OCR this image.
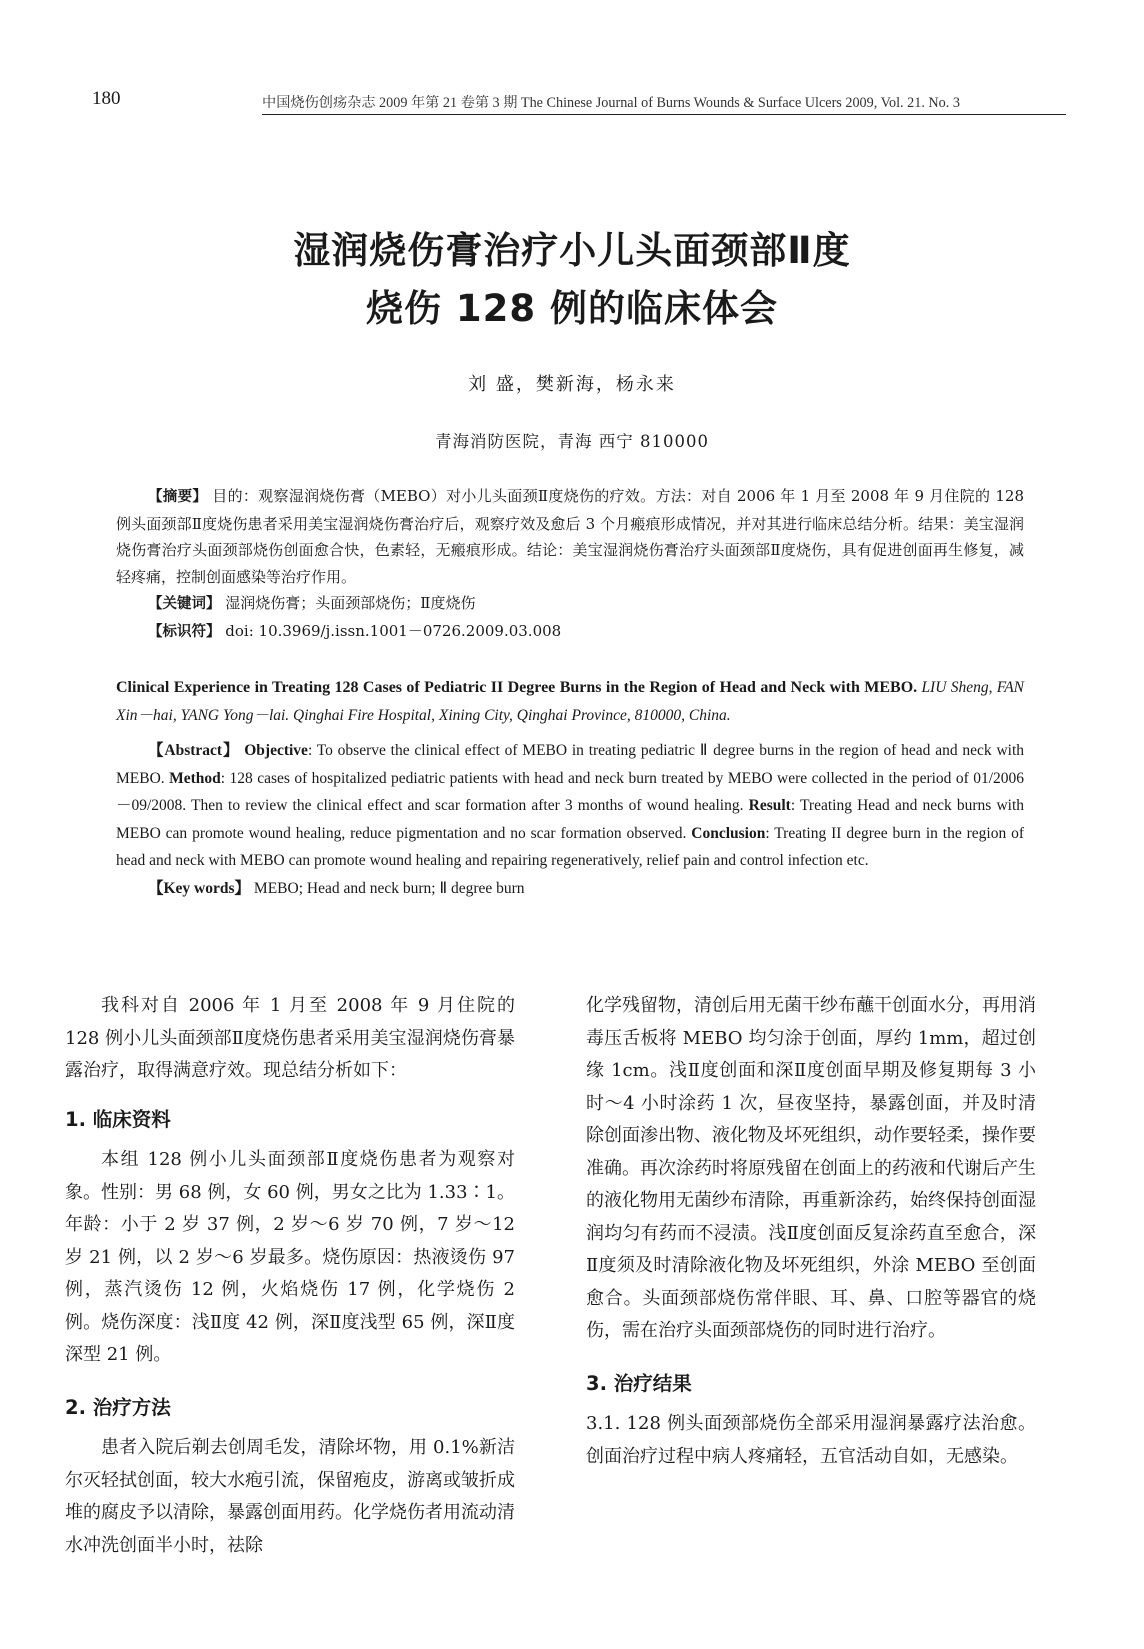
180	中国烧伤创疡杂志 2009 年第 21 卷第 3 期 The Chinese Journal of Burns Wounds & Surface Ulcers 2009, Vol. 21. No. 3
湿润烧伤膏治疗小儿头面颈部Ⅱ度
烧伤 128 例的临床体会
刘 盛，樊新海，杨永来
青海消防医院，青海 西宁 810000

【摘要】 目的：观察湿润烧伤膏（MEBO）对小儿头面颈Ⅱ度烧伤的疗效。方法：对自 2006 年 1 月至 2008 年 9 月住院的 128 例头面颈部Ⅱ度烧伤患者采用美宝湿润烧伤膏治疗后，观察疗效及愈后 3 个月瘢痕形成情况，并对其进行临床总结分析。结果：美宝湿润烧伤膏治疗头面颈部烧伤创面愈合快，色素轻，无瘢痕形成。结论：美宝湿润烧伤膏治疗头面颈部Ⅱ度烧伤，具有促进创面再生修复，减轻疼痛，控制创面感染等治疗作用。

【关键词】 湿润烧伤膏；头面颈部烧伤；Ⅱ度烧伤

【标识符】 doi: 10.3969/j.issn.1001－0726.2009.03.008

Clinical Experience in Treating 128 Cases of Pediatric II Degree Burns in the Region of Head and Neck with MEBO. LIU Sheng, FAN Xin－hai, YANG Yong－lai. Qinghai Fire Hospital, Xining City, Qinghai Province, 810000, China.

【Abstract】 Objective: To observe the clinical effect of MEBO in treating pediatric Ⅱ degree burns in the region of head and neck with MEBO. Method: 128 cases of hospitalized pediatric patients with head and neck burn treated by MEBO were collected in the period of 01/2006－09/2008. Then to review the clinical effect and scar formation after 3 months of wound healing. Result: Treating Head and neck burns with MEBO can promote wound healing, reduce pigmentation and no scar formation observed. Conclusion: Treating II degree burn in the region of head and neck with MEBO can promote wound healing and repairing regeneratively, relief pain and control infection etc.

【Key words】 MEBO; Head and neck burn; Ⅱ degree burn

我科对自 2006 年 1 月至 2008 年 9 月住院的 128 例小儿头面颈部Ⅱ度烧伤患者采用美宝湿润烧伤膏暴露治疗，取得满意疗效。现总结分析如下：

1. 临床资料

本组 128 例小儿头面颈部Ⅱ度烧伤患者为观察对象。性别：男 68 例，女 60 例，男女之比为 1.33∶1。年龄：小于 2 岁 37 例，2 岁～6 岁 70 例，7 岁～12 岁 21 例，以 2 岁～6 岁最多。烧伤原因：热液烫伤 97 例，蒸汽烫伤 12 例，火焰烧伤 17 例，化学烧伤 2 例。烧伤深度：浅Ⅱ度 42 例，深Ⅱ度浅型 65 例，深Ⅱ度深型 21 例。

2. 治疗方法

患者入院后剃去创周毛发，清除坏物，用 0.1%新洁尔灭轻拭创面，较大水疱引流，保留疱皮，游离或皱折成堆的腐皮予以清除，暴露创面用药。化学烧伤者用流动清水冲洗创面半小时，祛除

化学残留物，清创后用无菌干纱布蘸干创面水分，再用消毒压舌板将 MEBO 均匀涂于创面，厚约 1mm，超过创缘 1cm。浅Ⅱ度创面和深Ⅱ度创面早期及修复期每 3 小时～4 小时涂药 1 次，昼夜坚持，暴露创面，并及时清除创面渗出物、液化物及坏死组织，动作要轻柔，操作要准确。再次涂药时将原残留在创面上的药液和代谢后产生的液化物用无菌纱布清除，再重新涂药，始终保持创面湿润均匀有药而不浸渍。浅Ⅱ度创面反复涂药直至愈合，深Ⅱ度须及时清除液化物及坏死组织，外涂 MEBO 至创面愈合。头面颈部烧伤常伴眼、耳、鼻、口腔等器官的烧伤，需在治疗头面颈部烧伤的同时进行治疗。

3. 治疗结果

3.1. 128 例头面颈部烧伤全部采用湿润暴露疗法治愈。创面治疗过程中病人疼痛轻，五官活动自如，无感染。
